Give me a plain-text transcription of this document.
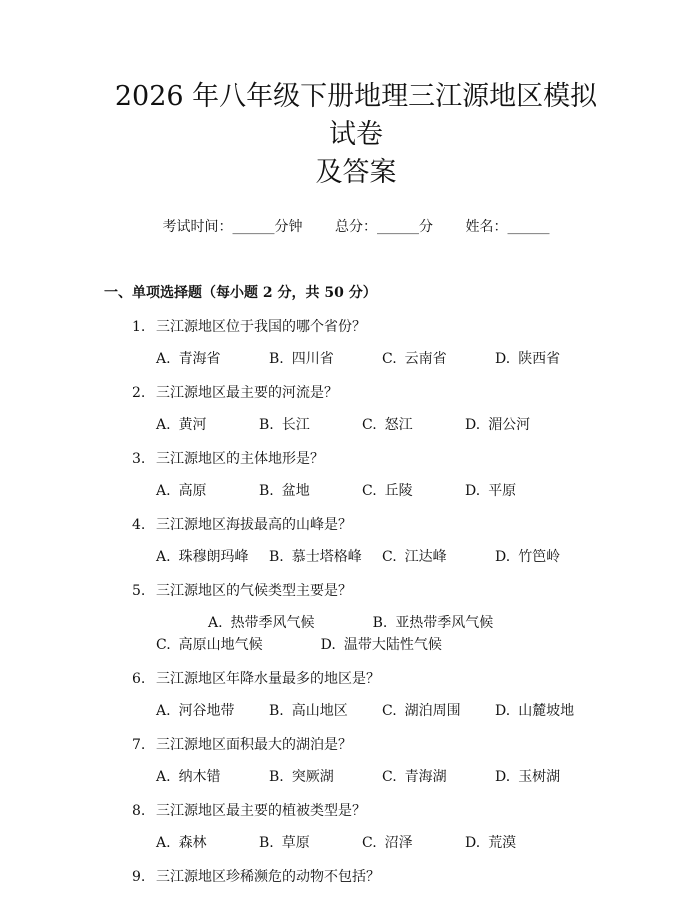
2026 年八年级下册地理三江源地区模拟试卷
及答案
考试时间：______分钟 总分：______分 姓名：______
一、单项选择题（每小题 2 分，共 50 分）
1. 三江源地区位于我国的哪个省份？
A. 青海省	B. 四川省	C. 云南省	D. 陕西省
2. 三江源地区最主要的河流是？
A. 黄河	B. 长江	C. 怒江	D. 湄公河
3. 三江源地区的主体地形是？
A. 高原	B. 盆地	C. 丘陵	D. 平原
4. 三江源地区海拔最高的山峰是？
A. 珠穆朗玛峰	B. 慕士塔格峰	C. 江达峰	D. 竹笆岭
5. 三江源地区的气候类型主要是？
A. 热带季风气候	B. 亚热带季风气候C. 高原山地气候	D. 温带大陆性气候
6. 三江源地区年降水量最多的地区是？
A. 河谷地带	B. 高山地区	C. 湖泊周围	D. 山麓坡地
7. 三江源地区面积最大的湖泊是？
A. 纳木错	B. 突厥湖	C. 青海湖	D. 玉树湖
8. 三江源地区最主要的植被类型是？
A. 森林	B. 草原	C. 沼泽	D. 荒漠
9. 三江源地区珍稀濒危的动物不包括？
